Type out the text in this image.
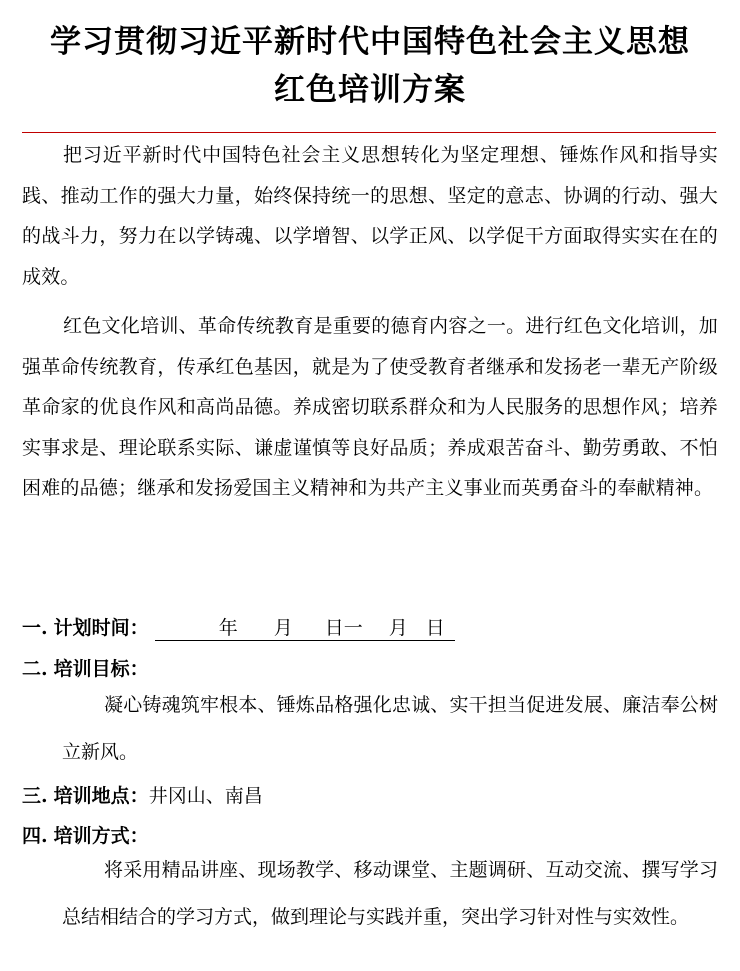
学习贯彻习近平新时代中国特色社会主义思想
红色培训方案
把习近平新时代中国特色社会主义思想转化为坚定理想、锤炼作风和指导实践、推动工作的强大力量，始终保持统一的思想、坚定的意志、协调的行动、强大的战斗力，努力在以学铸魂、以学增智、以学正风、以学促干方面取得实实在在的成效。
红色文化培训、革命传统教育是重要的德育内容之一。进行红色文化培训，加强革命传统教育，传承红色基因，就是为了使受教育者继承和发扬老一辈无产阶级革命家的优良作风和高尚品德。养成密切联系群众和为人民服务的思想作风；培养实事求是、理论联系实际、谦虚谨慎等良好品质；养成艰苦奋斗、勤劳勇敢、不怕困难的品德；继承和发扬爱国主义精神和为共产主义事业而英勇奋斗的奉献精神。
一. 计划时间：	年 月 日一 月 日
二. 培训目标：
凝心铸魂筑牢根本、锤炼品格强化忠诚、实干担当促进发展、廉洁奉公树立新风。
三. 培训地点：井冈山、南昌
四. 培训方式：
将采用精品讲座、现场教学、移动课堂、主题调研、互动交流、撰写学习总结相结合的学习方式，做到理论与实践并重，突出学习针对性与实效性。
